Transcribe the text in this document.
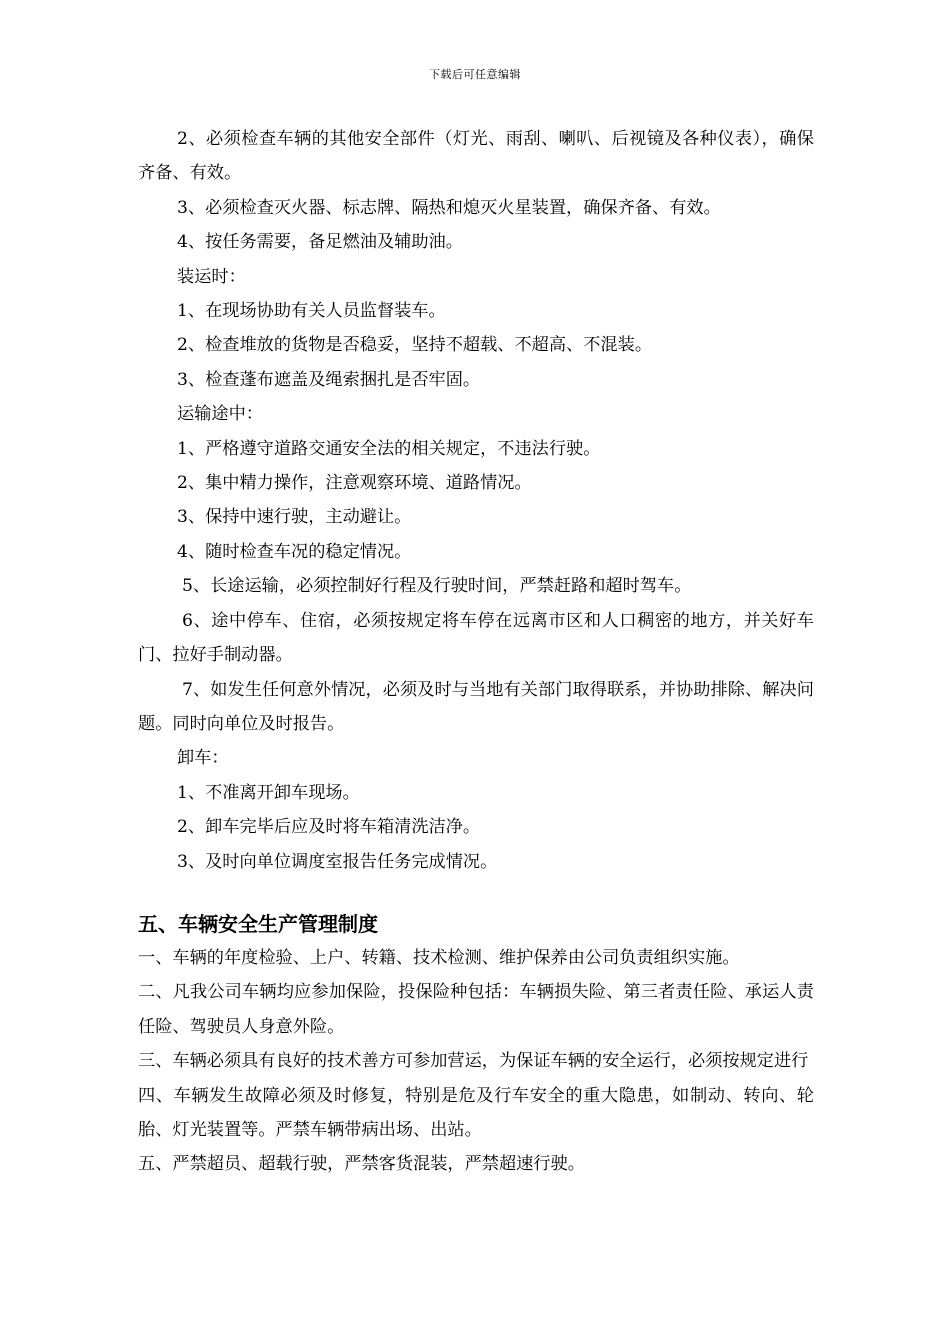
下载后可任意编辑

2、必须检查车辆的其他安全部件（灯光、雨刮、喇叭、后视镜及各种仪表），确保齐备、有效。

3、必须检查灭火器、标志牌、隔热和熄灭火星装置，确保齐备、有效。

4、按任务需要，备足燃油及辅助油。

装运时：

1、在现场协助有关人员监督装车。

2、检查堆放的货物是否稳妥，坚持不超载、不超高、不混装。

3、检查蓬布遮盖及绳索捆扎是否牢固。

运输途中：

1、严格遵守道路交通安全法的相关规定，不违法行驶。

2、集中精力操作，注意观察环境、道路情况。

3、保持中速行驶，主动避让。

4、随时检查车况的稳定情况。

5、长途运输，必须控制好行程及行驶时间，严禁赶路和超时驾车。

6、途中停车、住宿，必须按规定将车停在远离市区和人口稠密的地方，并关好车门、拉好手制动器。

7、如发生任何意外情况，必须及时与当地有关部门取得联系，并协助排除、解决问题。同时向单位及时报告。

卸车：

1、不准离开卸车现场。

2、卸车完毕后应及时将车箱清洗洁净。

3、及时向单位调度室报告任务完成情况。

五、车辆安全生产管理制度

一、车辆的年度检验、上户、转籍、技术检测、维护保养由公司负责组织实施。

二、凡我公司车辆均应参加保险，投保险种包括：车辆损失险、第三者责任险、承运人责任险、驾驶员人身意外险。

三、车辆必须具有良好的技术善方可参加营运，为保证车辆的安全运行，必须按规定进行

四、车辆发生故障必须及时修复，特别是危及行车安全的重大隐患，如制动、转向、轮胎、灯光装置等。严禁车辆带病出场、出站。

五、严禁超员、超载行驶，严禁客货混装，严禁超速行驶。
